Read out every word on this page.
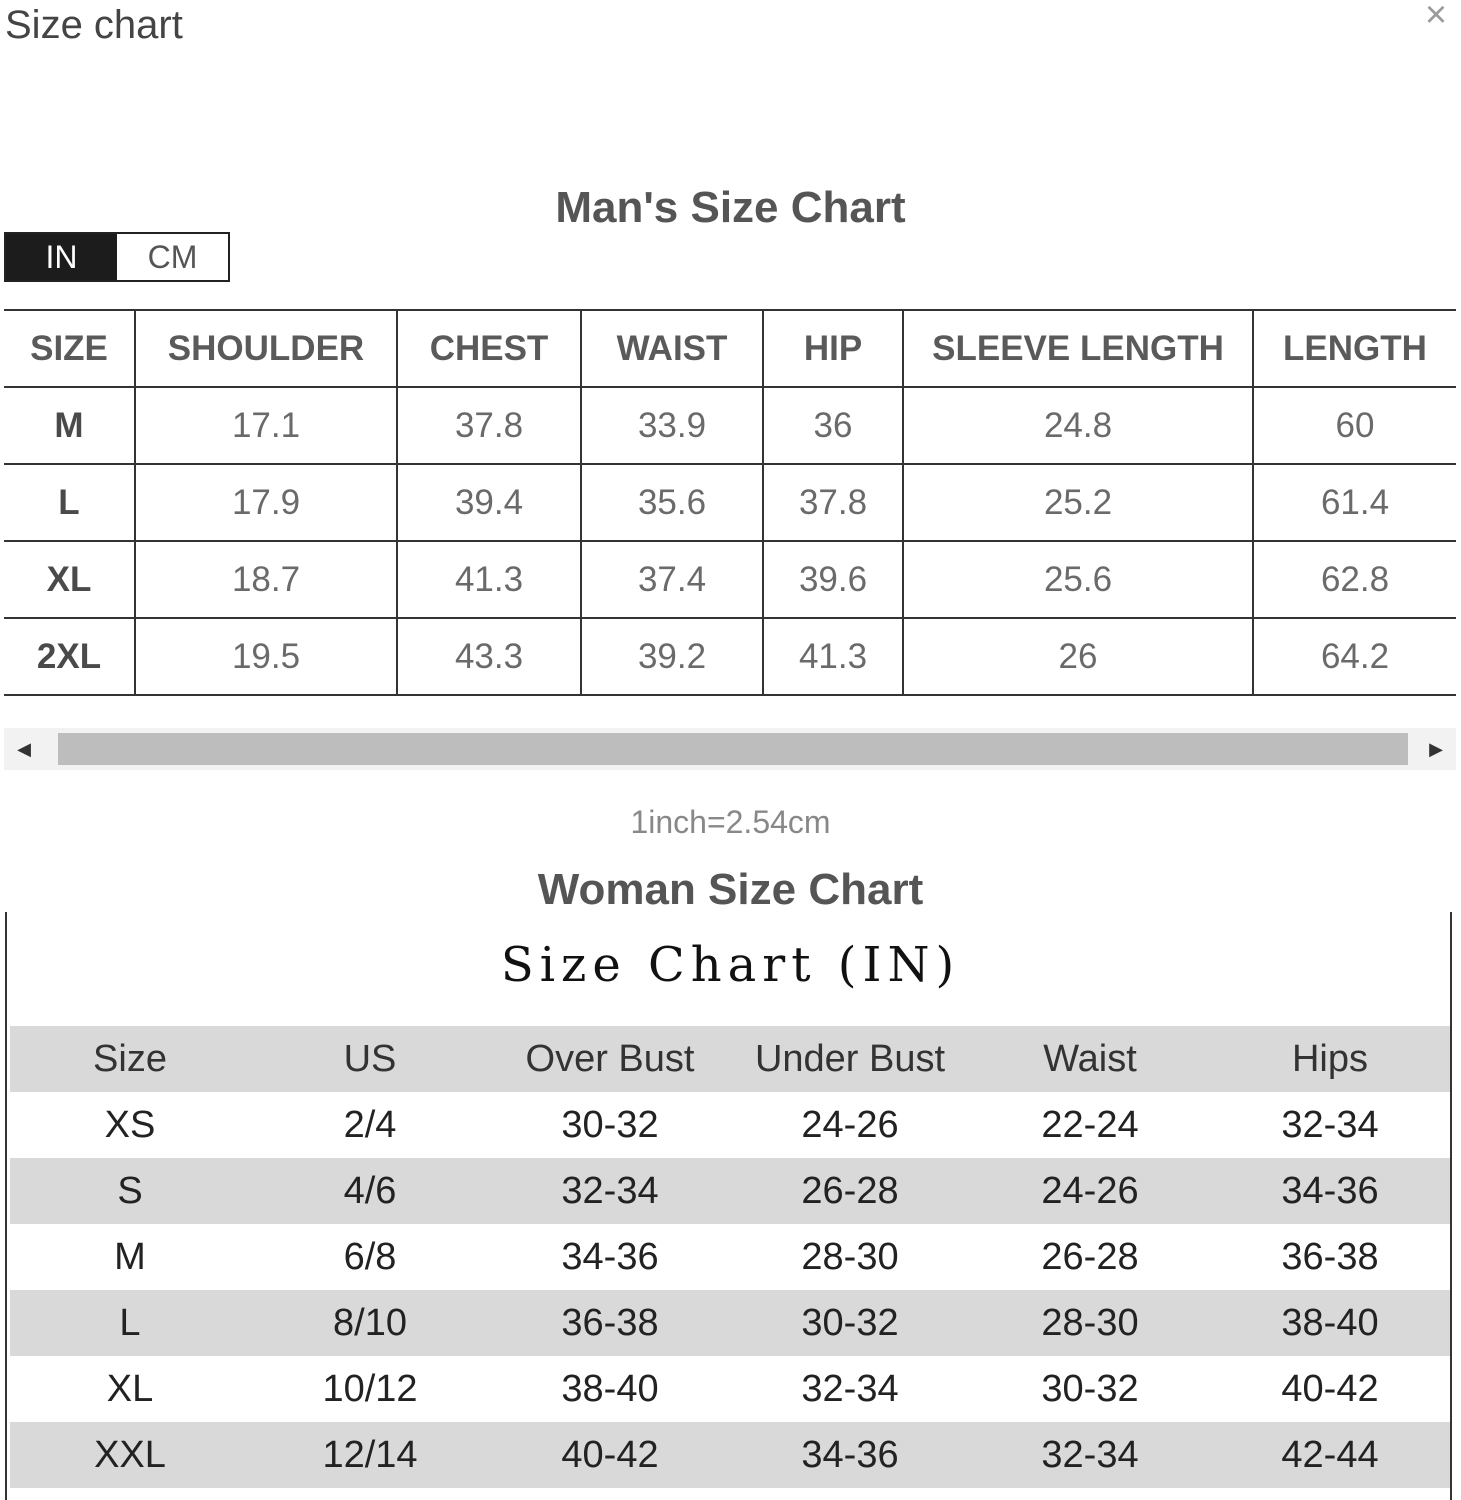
Size chart	×
Man's Size Chart
IN	CM
SIZE	SHOULDER	CHEST	WAIST	HIP	SLEEVE LENGTH	LENGTH
M	17.1	37.8	33.9	36	24.8	60
L	17.9	39.4	35.6	37.8	25.2	61.4
XL	18.7	41.3	37.4	39.6	25.6	62.8
2XL	19.5	43.3	39.2	41.3	26	64.2
◀	▶
1inch=2.54cm
Woman Size Chart
Size Chart (IN)
Size	US	Over Bust	Under Bust	Waist	Hips
XS	2/4	30-32	24-26	22-24	32-34
S	4/6	32-34	26-28	24-26	34-36
M	6/8	34-36	28-30	26-28	36-38
L	8/10	36-38	30-32	28-30	38-40
XL	10/12	38-40	32-34	30-32	40-42
XXL	12/14	40-42	34-36	32-34	42-44
